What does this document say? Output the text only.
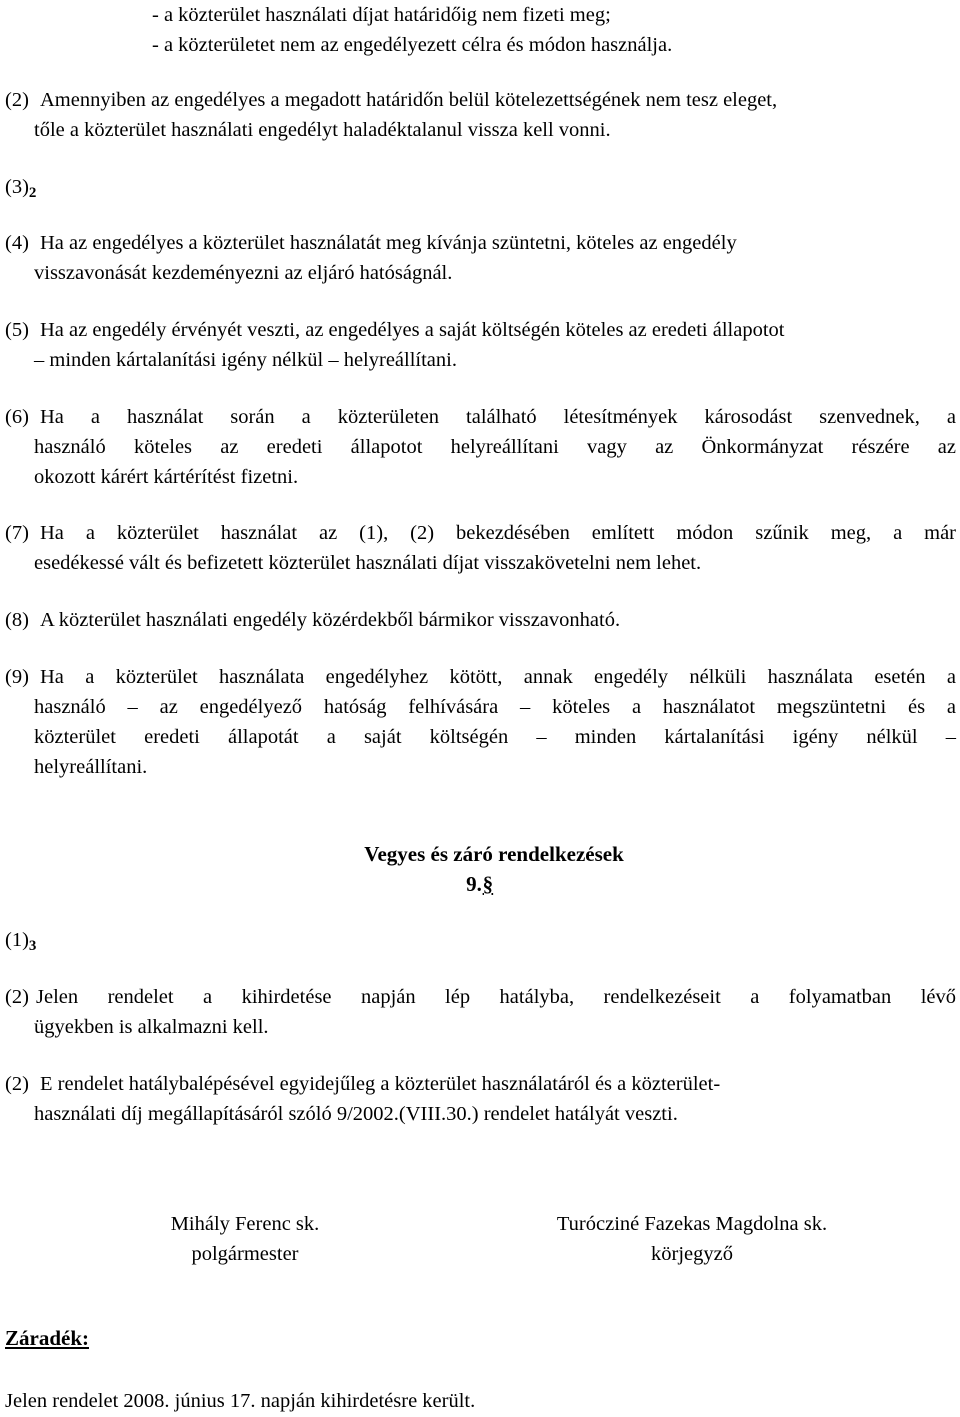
- a közterület használati díjat határidőig nem fizeti meg;
- a közterületet nem az engedélyezett célra és módon használja.
(2) Amennyiben az engedélyes a megadott határidőn belül kötelezettségének nem tesz eleget,
tőle a közterület használati engedélyt haladéktalanul vissza kell vonni.
$(3)_2$
(4) Ha az engedélyes a közterület használatát meg kívánja szüntetni, köteles az engedély
visszavonását kezdeményezni az eljáró hatóságnál.
(5) Ha az engedély érvényét veszti, az engedélyes a saját költségén köteles az eredeti állapotot
– minden kártalanítási igény nélkül – helyreállítani.
(6) Ha a használat során a közterületen található létesítmények károsodást szenvednek, a
használó köteles az eredeti állapotot helyreállítani vagy az Önkormányzat részére az
okozott kárért kártérítést fizetni.
(7) Ha a közterület használat az (1), (2) bekezdésében említett módon szűnik meg, a már
esedékessé vált és befizetett közterület használati díjat visszakövetelni nem lehet.
(8) A közterület használati engedély közérdekből bármikor visszavonható.
(9) Ha a közterület használata engedélyhez kötött, annak engedély nélküli használata esetén a
használó – az engedélyező hatóság felhívására – köteles a használatot megszüntetni és a
közterület eredeti állapotát a saját költségén – minden kártalanítási igény nélkül –
helyreállítani.
Vegyes és záró rendelkezések
9.§
$(1)_3$
(2) Jelen rendelet a kihirdetése napján lép hatályba, rendelkezéseit a folyamatban lévő
ügyekben is alkalmazni kell.
(2) E rendelet hatálybalépésével egyidejűleg a közterület használatáról és a közterület-
használati díj megállapításáról szóló 9/2002.(VIII.30.) rendelet hatályát veszti.
Mihály Ferenc sk.
polgármester
Turócziné Fazekas Magdolna sk.
körjegyző
Záradék:
Jelen rendelet 2008. június 17. napján kihirdetésre került.
